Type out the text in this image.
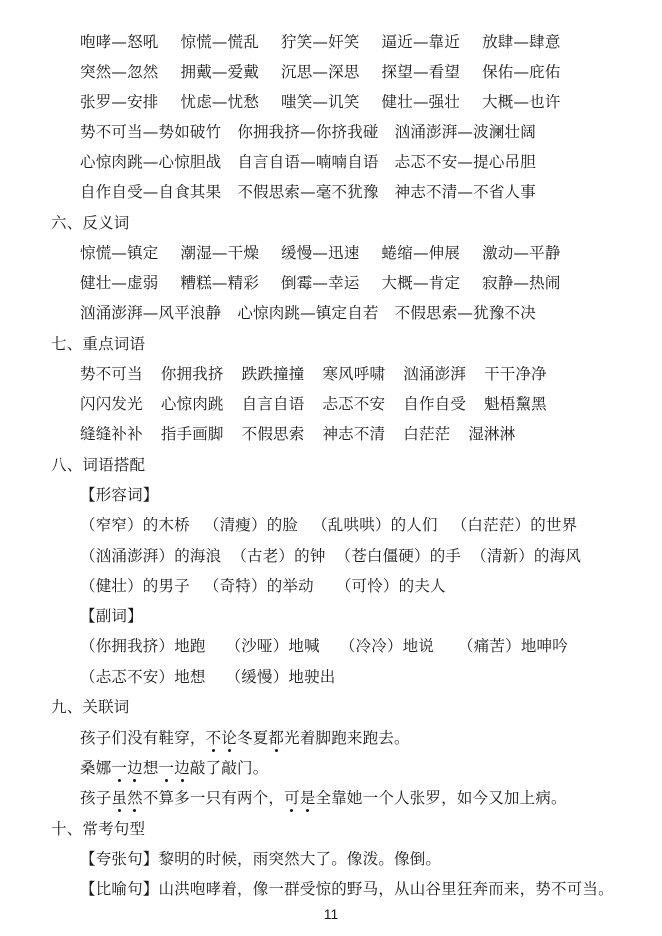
咆哮—怒吼 惊慌—慌乱 狞笑—奸笑 逼近—靠近 放肆—肆意
突然—忽然 拥戴—爱戴 沉思—深思 探望—看望 保佑—庇佑
张罗—安排 忧虑—忧愁 嗤笑—讥笑 健壮—强壮 大概—也许
势不可当—势如破竹 你拥我挤—你挤我碰 汹涌澎湃—波澜壮阔
心惊肉跳—心惊胆战 自言自语—喃喃自语 忐忑不安—提心吊胆
自作自受—自食其果 不假思索—毫不犹豫 神志不清—不省人事
六、反义词
惊慌—镇定 潮湿—干燥 缓慢—迅速 蜷缩—伸展 激动—平静
健壮—虚弱 糟糕—精彩 倒霉—幸运 大概—肯定 寂静—热闹
汹涌澎湃—风平浪静 心惊肉跳—镇定自若 不假思索—犹豫不决
七、重点词语
势不可当 你拥我挤 跌跌撞撞 寒风呼啸 汹涌澎湃 干干净净
闪闪发光 心惊肉跳 自言自语 忐忑不安 自作自受 魁梧黧黑
缝缝补补 指手画脚 不假思索 神志不清 白茫茫 湿淋淋
八、词语搭配
【形容词】
（窄窄）的木桥 （清瘦）的脸 （乱哄哄）的人们 （白茫茫）的世界
（汹涌澎湃）的海浪 （古老）的钟 （苍白僵硬）的手 （清新）的海风
（健壮）的男子 （奇特）的举动 （可怜）的夫人
【副词】
（你拥我挤）地跑 （沙哑）地喊 （冷冷）地说 （痛苦）地呻吟
（忐忑不安）地想 （缓慢）地驶出
九、关联词
孩子们没有鞋穿，不论冬夏都光着脚跑来跑去。
桑娜一边想一边敲了敲门。
孩子虽然不算多一只有两个，可是全靠她一个人张罗，如今又加上病。
十、常考句型
【夸张句】黎明的时候，雨突然大了。像泼。像倒。
【比喻句】山洪咆哮着，像一群受惊的野马，从山谷里狂奔而来，势不可当。
11
